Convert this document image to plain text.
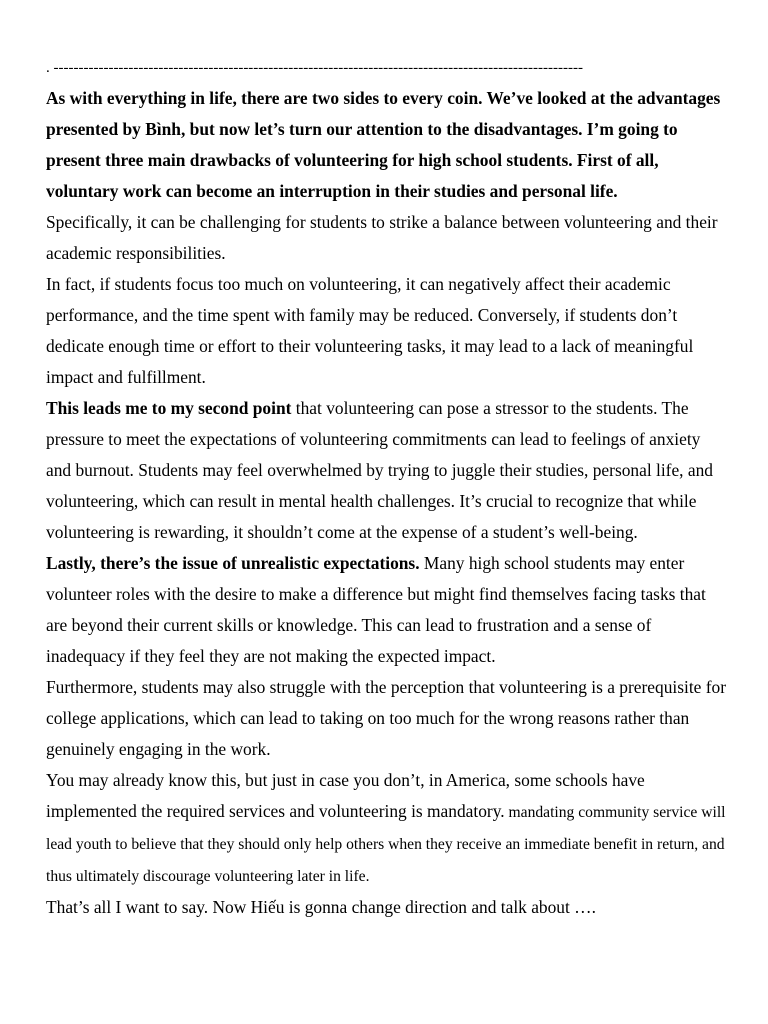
. ----------------------------------------------------------------------------------------------------------

As with everything in life, there are two sides to every coin. We’ve looked at the advantages presented by Bình, but now let’s turn our attention to the disadvantages. I’m going to present three main drawbacks of volunteering for high school students. First of all, voluntary work can become an interruption in their studies and personal life.

Specifically, it can be challenging for students to strike a balance between volunteering and their academic responsibilities.

In fact, if students focus too much on volunteering, it can negatively affect their academic performance, and the time spent with family may be reduced. Conversely, if students don’t dedicate enough time or effort to their volunteering tasks, it may lead to a lack of meaningful impact and fulfillment.

This leads me to my second point that volunteering can pose a stressor to the students. The pressure to meet the expectations of volunteering commitments can lead to feelings of anxiety and burnout. Students may feel overwhelmed by trying to juggle their studies, personal life, and volunteering, which can result in mental health challenges. It’s crucial to recognize that while volunteering is rewarding, it shouldn’t come at the expense of a student’s well-being.

Lastly, there’s the issue of unrealistic expectations. Many high school students may enter volunteer roles with the desire to make a difference but might find themselves facing tasks that are beyond their current skills or knowledge. This can lead to frustration and a sense of inadequacy if they feel they are not making the expected impact.

Furthermore, students may also struggle with the perception that volunteering is a prerequisite for college applications, which can lead to taking on too much for the wrong reasons rather than genuinely engaging in the work.

You may already know this, but just in case you don’t, in America, some schools have implemented the required services and volunteering is mandatory. mandating community service will lead youth to believe that they should only help others when they receive an immediate benefit in return, and thus ultimately discourage volunteering later in life.

That’s all I want to say. Now Hiếu is gonna change direction and talk about ….
